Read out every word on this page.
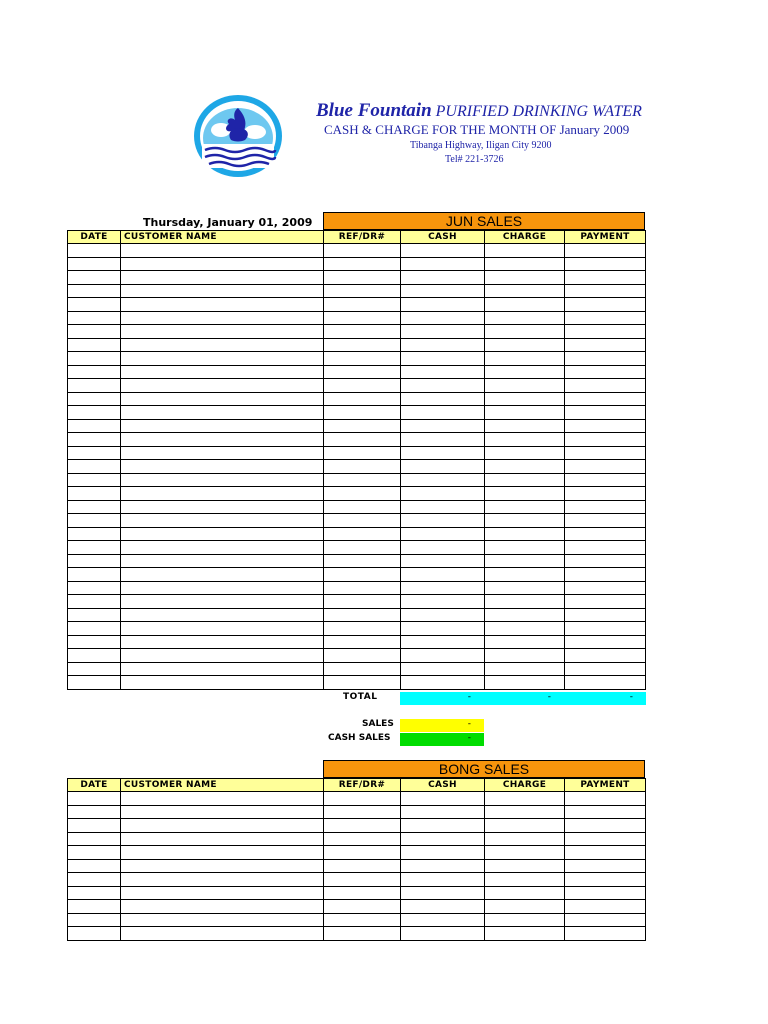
Blue Fountain PURIFIED DRINKING WATER
CASH & CHARGE FOR THE MONTH OF January 2009
Tibanga Highway, Iligan City 9200
Tel# 221-3726
Thursday, January 01, 2009	JUN SALES
DATE	CUSTOMER NAME	REF/DR#	CASH	CHARGE	PAYMENT

TOTAL	-	-	-
SALES	-
CASH SALES	-
BONG SALES
DATE	CUSTOMER NAME	REF/DR#	CASH	CHARGE	PAYMENT
